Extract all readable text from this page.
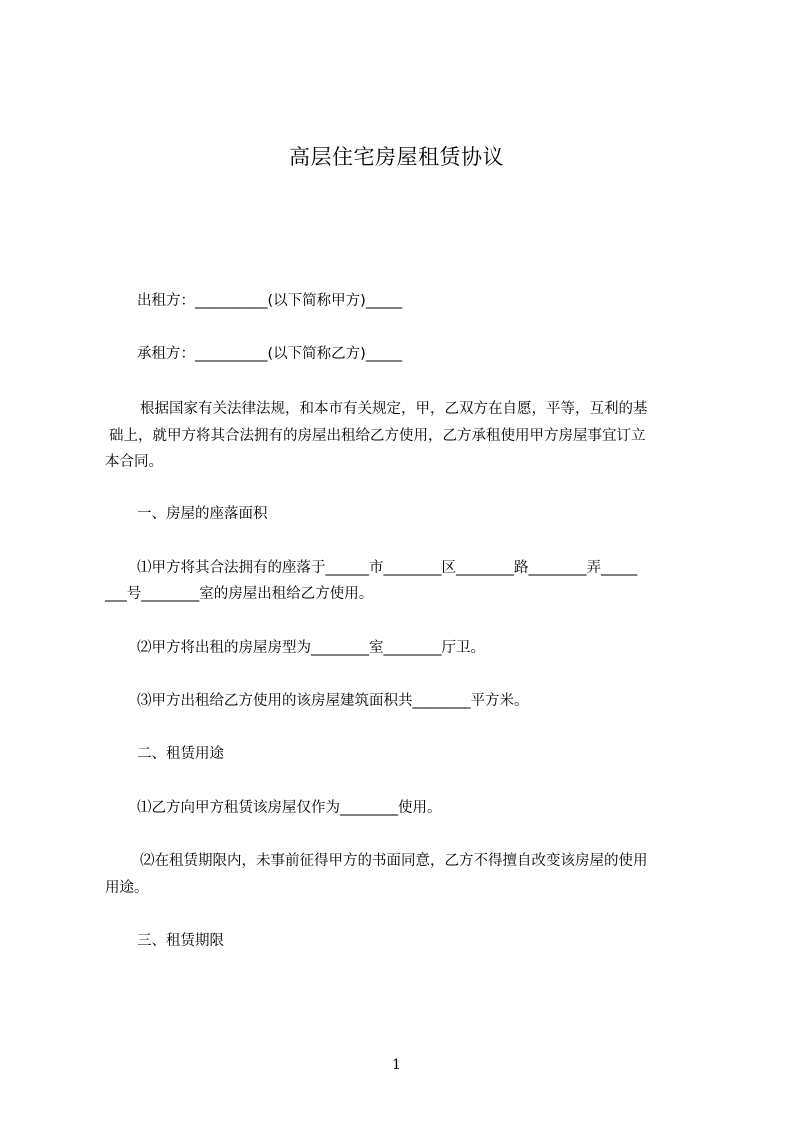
高层住宅房屋租赁协议
出租方：__________(以下简称甲方)_____
承租方：__________(以下简称乙方)_____
根据国家有关法律法规，和本市有关规定，甲，乙双方在自愿，平等，互利的基
础上，就甲方将其合法拥有的房屋出租给乙方使用，乙方承租使用甲方房屋事宜订立
本合同。
一、房屋的座落面积
⑴甲方将其合法拥有的座落于______市________区________路________弄_____
___号________室的房屋出租给乙方使用。
⑵甲方将出租的房屋房型为________室________厅卫。
⑶甲方出租给乙方使用的该房屋建筑面积共________平方米。
二、租赁用途
⑴乙方向甲方租赁该房屋仅作为________使用。
⑵在租赁期限内，未事前征得甲方的书面同意，乙方不得擅自改变该房屋的使用
用途。
三、租赁期限
1
